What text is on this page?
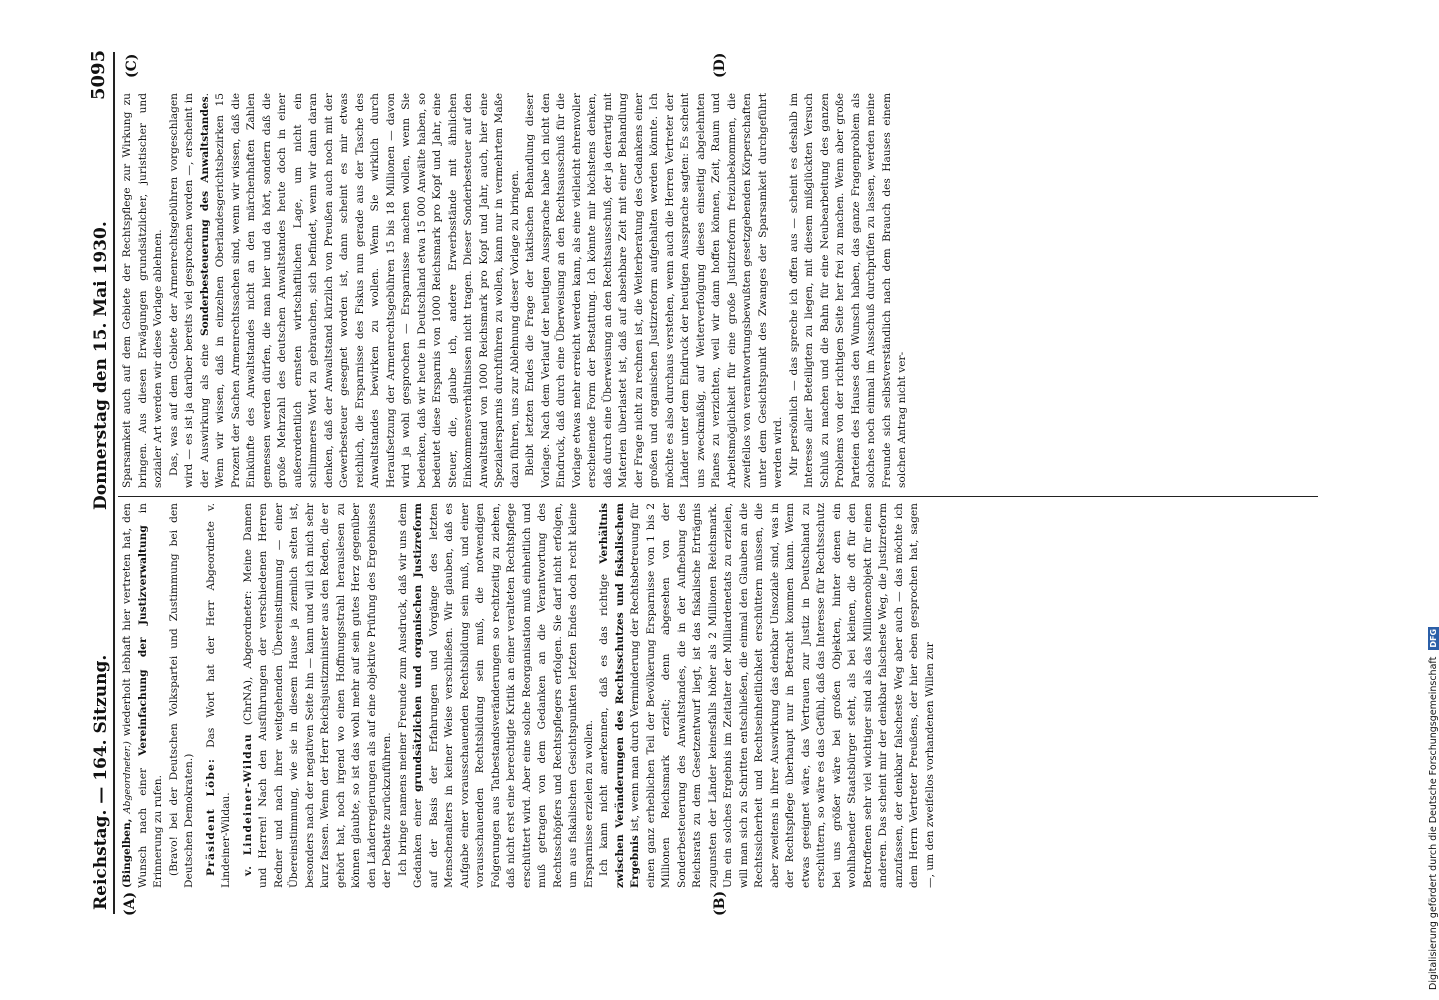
Reichstag. — 164. Sitzung.
Donnerstag den 15. Mai 1930.
5095
(A)	(B)
(C)	(D)

(Bingelben, Abgeordneter.) wiederholt lebhaft hier vertreten hat, den Wunsch nach einer Vereinfachung der Justizverwaltung in Erinnerung zu rufen. (Bravo! bei der Deutschen Volkspartei und Zustimmung bei den Deutschen Demokraten.) Präsident Löbe: Das Wort hat der Herr Abgeordnete v. Lindeiner-Wildau. v. Lindeiner-Wildau (ChrNA), Abgeordneter: Meine Damen und Herren! Nach den Ausführungen der verschiedenen Herren Redner und nach ihrer weitgehenden Übereinstimmung — einer Übereinstimmung, wie sie in diesem Hause ja ziemlich selten ist, besonders nach der negativen Seite hin — kann und will ich mich sehr kurz fassen. Wenn der Herr Reichsjustizminister aus den Reden, die er gehört hat, noch irgend wo einen Hoffnungsstrahl herauslesen zu können glaubte, so ist das wohl mehr auf sein gutes Herz gegenüber den Länderregierungen als auf eine objektive Prüfung des Ergebnisses der Debatte zurückzuführen. Ich bringe namens meiner Freunde zum Ausdruck, daß wir uns dem Gedanken einer grundsätzlichen und organischen Justizreform auf der Basis der Erfahrungen und Vorgänge des letzten Menschenalters in keiner Weise verschließen. Wir glauben, daß es Aufgabe einer vorausschauenden Rechtsbildung sein muß, und einer vorausschauenden Rechtsbildung sein muß, die notwendigen Folgerungen aus Tatbestandsveränderungen so rechtzeitig zu ziehen, daß nicht erst eine berechtigte Kritik an einer veralteten Rechtspflege erschüttert wird. Aber eine solche Reorganisation muß einheitlich und muß getragen von dem Gedanken an die Verantwortung des Rechtsschöpfers und Rechtspflegers erfolgen. Sie darf nicht erfolgen, um aus fiskalischen Gesichtspunkten letzten Endes doch recht kleine Ersparnisse erzielen zu wollen. Ich kann nicht anerkennen, daß es das richtige Verhältnis zwischen Veränderungen des Rechtsschutzes und fiskalischem Ergebnis ist, wenn man durch Verminderung der Rechtsbetreuung für einen ganz erheblichen Teil der Bevölkerung Ersparnisse von 1 bis 2 Millionen Reichsmark erzielt; denn abgesehen von der Sonderbesteuerung des Anwaltstandes, die in der Aufhebung des Reichsrats zu dem Gesetzentwurf liegt, ist das fiskalische Erträgnis zugunsten der Länder keinesfalls höher als 2 Millionen Reichsmark. Um ein solches Ergebnis im Zeitalter der Milliardenetats zu erzielen, will man sich zu Schritten entschließen, die einmal den Glauben an die Rechtssicherheit und Rechtseinheitlichkeit erschüttern müssen, die aber zweitens in ihrer Auswirkung das denkbar Unsoziale sind, was in der Rechtspflege überhaupt nur in Betracht kommen kann. Wenn etwas geeignet wäre, das Vertrauen zur Justiz in Deutschland zu erschüttern, so wäre es das Gefühl, daß das Interesse für Rechtsschutz bei uns größer wäre bei großen Objekten, hinter denen ein wohlhabender Staatsbürger steht, als bei kleinen, die oft für den Betroffenen sehr viel wichtiger sind als das Millionenobjekt für einen anderen. Das scheint mir der denkbar falscheste Weg, die Justizreform anzufassen, der denkbar falscheste Weg aber auch — das möchte ich dem Herrn Vertreter Preußens, der hier eben gesprochen hat, sagen —, um den zweifellos vorhandenen Willen zur

Sparsamkeit auch auf dem Gebiete der Rechtspflege zur Wirkung zu bringen. Aus diesen Erwägungen grundsätzlicher, juristischer und sozialer Art werden wir diese Vorlage ablehnen. Das, was auf dem Gebiete der Armenrechtsgebühren vorgeschlagen wird — es ist ja darüber bereits viel gesprochen worden —, erscheint in der Auswirkung als eine Sonderbesteuerung des Anwaltstandes. Wenn wir wissen, daß in einzelnen Oberlandesgerichtsbezirken 15 Prozent der Sachen Armenrechtssachen sind, wenn wir wissen, daß die Einkünfte des Anwaltstandes nicht an den märchenhaften Zahlen gemessen werden dürfen, die man hier und da hört, sondern daß die große Mehrzahl des deutschen Anwaltstandes heute doch in einer außerordentlich ernsten wirtschaftlichen Lage, um nicht ein schlimmeres Wort zu gebrauchen, sich befindet, wenn wir dann daran denken, daß der Anwaltstand kürzlich von Preußen auch noch mit der Gewerbesteuer gesegnet worden ist, dann scheint es mir etwas reichlich, die Ersparnisse des Fiskus nun gerade aus der Tasche des Anwaltstandes bewirken zu wollen. Wenn Sie wirklich durch Heraufsetzung der Armenrechtsgebühren 15 bis 18 Millionen — davon wird ja wohl gesprochen — Ersparnisse machen wollen, wenn Sie bedenken, daß wir heute in Deutschland etwa 15 000 Anwälte haben, so bedeutet diese Ersparnis von 1000 Reichsmark pro Kopf und Jahr, eine Steuer, die, glaube ich, andere Erwerbsstände mit ähnlichen Einkommensverhältnissen nicht tragen. Dieser Sonderbesteuer auf den Anwaltstand von 1000 Reichsmark pro Kopf und Jahr, auch, hier eine Spezialersparnis durchführen zu wollen, kann nur in vermehrtem Maße dazu führen, uns zur Ablehnung dieser Vorlage zu bringen. Bleibt letzten Endes die Frage der taktischen Behandlung dieser Vorlage. Nach dem Verlauf der heutigen Aussprache habe ich nicht den Eindruck, daß durch eine Überweisung an den Rechtsausschuß für die Vorlage etwas mehr erreicht werden kann, als eine vielleicht ehrenvoller erscheinende Form der Bestattung. Ich könnte mir höchstens denken, daß durch eine Überweisung an den Rechtsausschuß, der ja derartig mit Materien überlastet ist, daß auf absehbare Zeit mit einer Behandlung der Frage nicht zu rechnen ist, die Weiterberatung des Gedankens einer großen und organischen Justizreform aufgehalten werden könnte. Ich möchte es also durchaus verstehen, wenn auch die Herren Vertreter der Länder unter dem Eindruck der heutigen Aussprache sagten: Es scheint uns zweckmäßig, auf Weiterverfolgung dieses einseitig abgelehnten Planes zu verzichten, weil wir dann hoffen können, Zeit, Raum und Arbeitsmöglichkeit für eine große Justizreform freizubekommen, die zweifellos von verantwortungsbewußten gesetzgebenden Körperschaften unter dem Gesichtspunkt des Zwanges der Sparsamkeit durchgeführt werden wird. Mir persönlich — das spreche ich offen aus — scheint es deshalb im Interesse aller Beteiligten zu liegen, mit diesem mißglückten Versuch Schluß zu machen und die Bahn für eine Neubearbeitung des ganzen Problems von der richtigen Seite her frei zu machen. Wenn aber große Parteien des Hauses den Wunsch haben, das ganze Fragenproblem als solches noch einmal im Ausschuß durchprüfen zu lassen, werden meine Freunde sich selbstverständlich nach dem Brauch des Hauses einem solchen Antrag nicht ver-

Digitalisierung gefördert durch die Deutsche Forschungsgemeinschaft DFG
